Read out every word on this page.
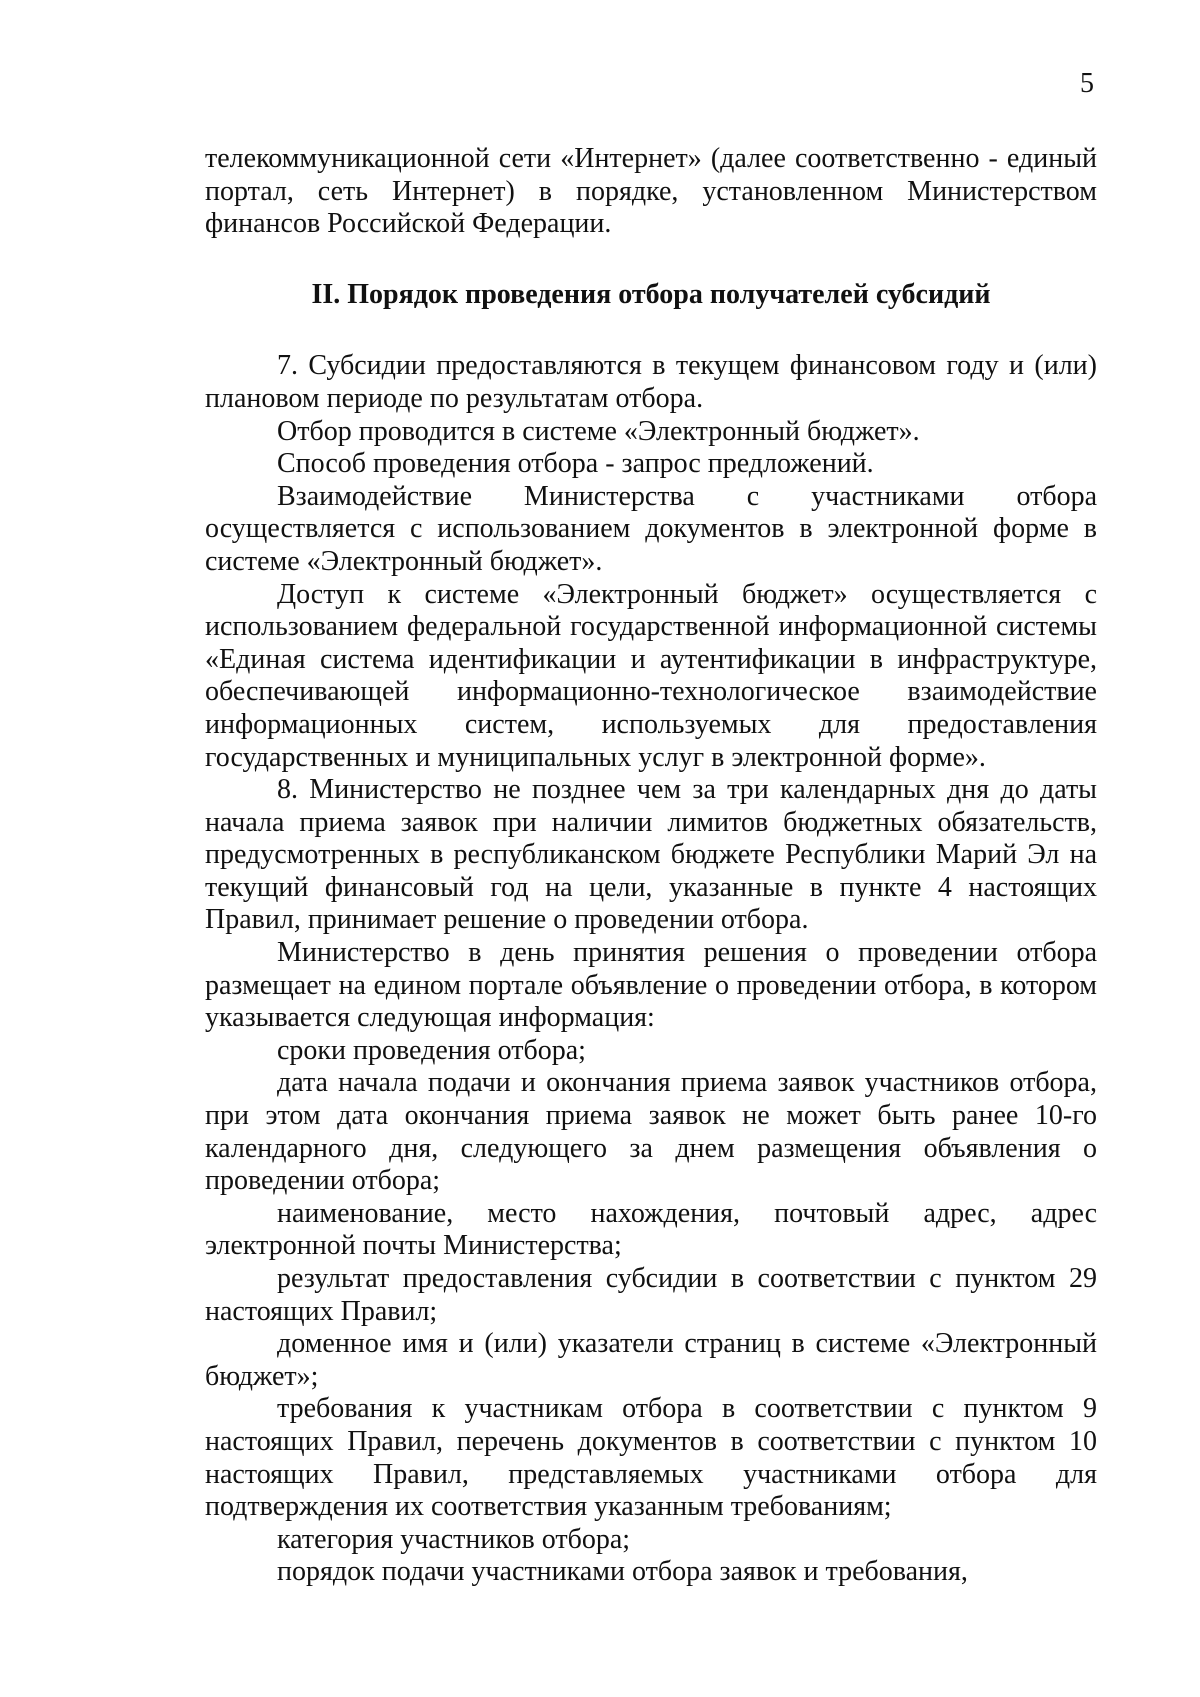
5

телекоммуникационной сети «Интернет» (далее соответственно - единый портал, сеть Интернет) в порядке, установленном Министерством финансов Российской Федерации.

II. Порядок проведения отбора получателей субсидий

7. Субсидии предоставляются в текущем финансовом году и (или) плановом периоде по результатам отбора.

Отбор проводится в системе «Электронный бюджет».

Способ проведения отбора - запрос предложений.

Взаимодействие Министерства с участниками отбора осуществляется с использованием документов в электронной форме в системе «Электронный бюджет».

Доступ к системе «Электронный бюджет» осуществляется с использованием федеральной государственной информационной системы «Единая система идентификации и аутентификации в инфраструктуре, обеспечивающей информационно-технологическое взаимодействие информационных систем, используемых для предоставления государственных и муниципальных услуг в электронной форме».

8. Министерство не позднее чем за три календарных дня до даты начала приема заявок при наличии лимитов бюджетных обязательств, предусмотренных в республиканском бюджете Республики Марий Эл на текущий финансовый год на цели, указанные в пункте 4 настоящих Правил, принимает решение о проведении отбора.

Министерство в день принятия решения о проведении отбора размещает на едином портале объявление о проведении отбора, в котором указывается следующая информация:

сроки проведения отбора;

дата начала подачи и окончания приема заявок участников отбора, при этом дата окончания приема заявок не может быть ранее 10-го календарного дня, следующего за днем размещения объявления о проведении отбора;

наименование, место нахождения, почтовый адрес, адрес электронной почты Министерства;

результат предоставления субсидии в соответствии с пунктом 29 настоящих Правил;

доменное имя и (или) указатели страниц в системе «Электронный бюджет»;

требования к участникам отбора в соответствии с пунктом 9 настоящих Правил, перечень документов в соответствии с пунктом 10 настоящих Правил, представляемых участниками отбора для подтверждения их соответствия указанным требованиям;

категория участников отбора;

порядок подачи участниками отбора заявок и требования,
